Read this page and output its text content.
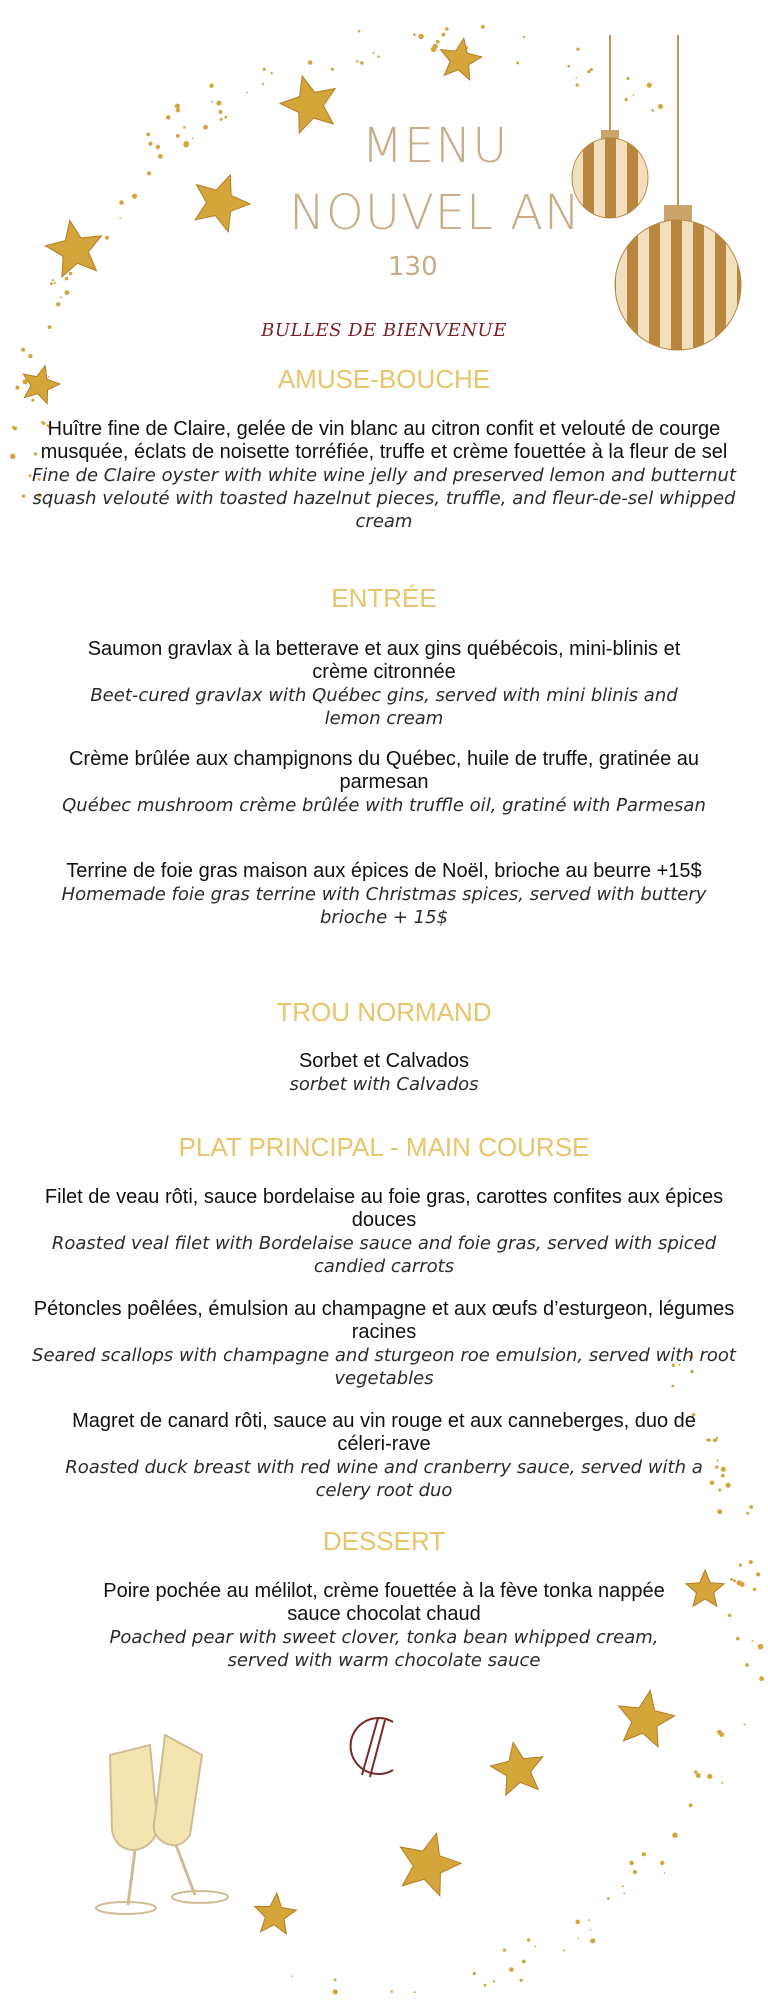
MENU
NOUVEL AN
130
BULLES DE BIENVENUE
AMUSE-BOUCHE
Huître fine de Claire, gelée de vin blanc au citron confit et velouté de courge musquée, éclats de noisette torréfiée, truffe et crème fouettée à la fleur de sel
Fine de Claire oyster with white wine jelly and preserved lemon and butternut squash velouté with toasted hazelnut pieces, truffle, and fleur-de-sel whipped cream
ENTRÉE
Saumon gravlax à la betterave et aux gins québécois, mini-blinis et crème citronnée
Beet-cured gravlax with Québec gins, served with mini blinis and lemon cream
Crème brûlée aux champignons du Québec, huile de truffe, gratinée au parmesan
Québec mushroom crème brûlée with truffle oil, gratiné with Parmesan
Terrine de foie gras maison aux épices de Noël, brioche au beurre +15$
Homemade foie gras terrine with Christmas spices, served with buttery brioche + 15$
TROU NORMAND
Sorbet et Calvados
sorbet with Calvados
PLAT PRINCIPAL - MAIN COURSE
Filet de veau rôti, sauce bordelaise au foie gras, carottes confites aux épices douces
Roasted veal filet with Bordelaise sauce and foie gras, served with spiced candied carrots
Pétoncles poêlées, émulsion au champagne et aux œufs d’esturgeon, légumes racines
Seared scallops with champagne and sturgeon roe emulsion, served with root vegetables
Magret de canard rôti, sauce au vin rouge et aux canneberges, duo de céleri-rave
Roasted duck breast with red wine and cranberry sauce, served with a celery root duo
DESSERT
Poire pochée au mélilot, crème fouettée à la fève tonka nappée sauce chocolat chaud
Poached pear with sweet clover, tonka bean whipped cream, served with warm chocolate sauce
